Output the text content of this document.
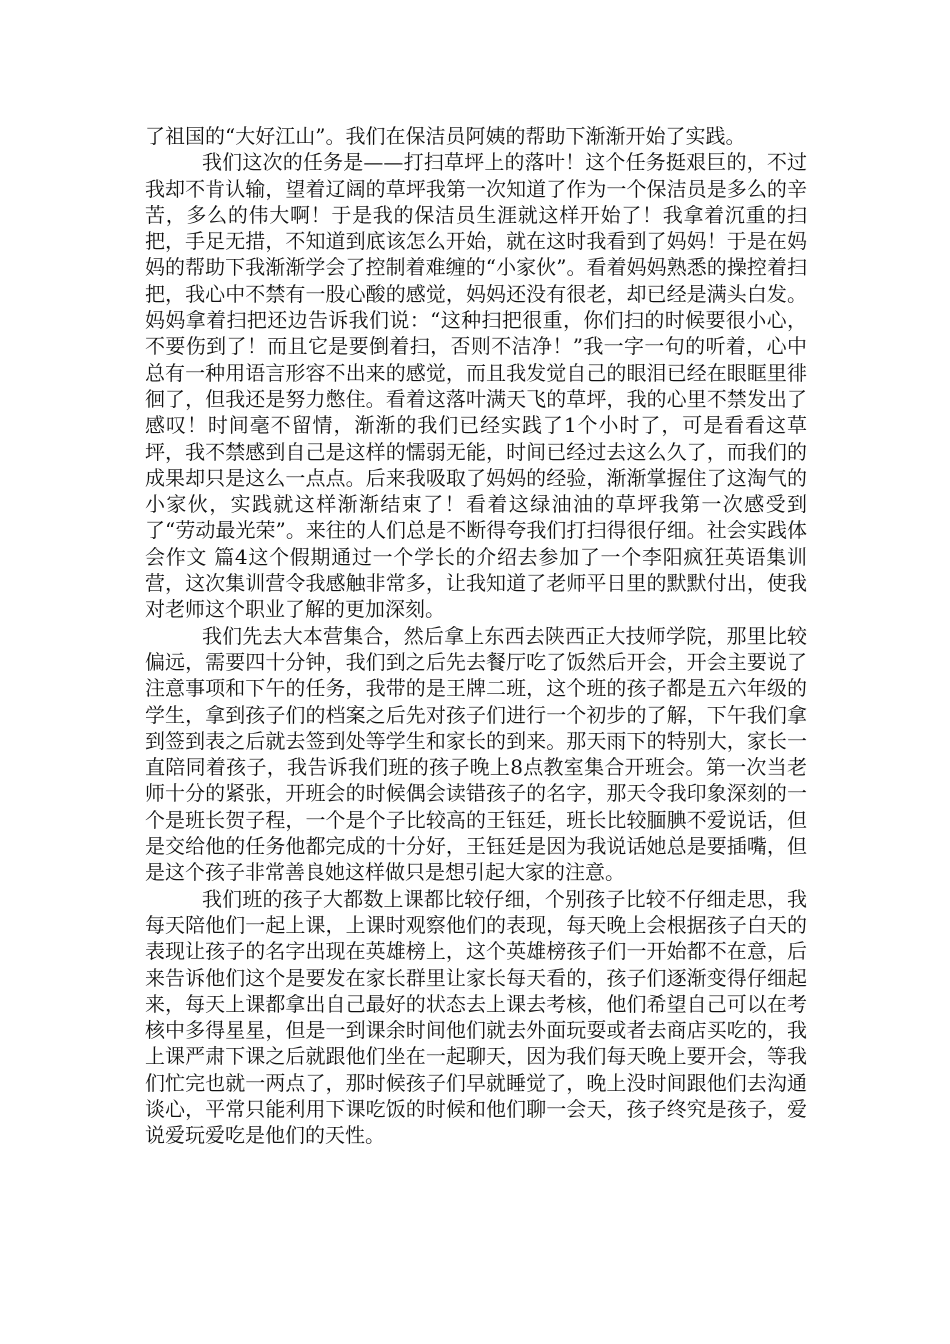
了祖国的“大好江山”。我们在保洁员阿姨的帮助下渐渐开始了实践。

我们这次的任务是——打扫草坪上的落叶！这个任务挺艰巨的，不过我却不肯认输，望着辽阔的草坪我第一次知道了作为一个保洁员是多么的辛苦，多么的伟大啊！于是我的保洁员生涯就这样开始了！我拿着沉重的扫把，手足无措，不知道到底该怎么开始，就在这时我看到了妈妈！于是在妈妈的帮助下我渐渐学会了控制着难缠的“小家伙”。看着妈妈熟悉的操控着扫把，我心中不禁有一股心酸的感觉，妈妈还没有很老，却已经是满头白发。妈妈拿着扫把还边告诉我们说：“这种扫把很重，你们扫的时候要很小心，不要伤到了！而且它是要倒着扫，否则不洁净！”我一字一句的听着，心中总有一种用语言形容不出来的感觉，而且我发觉自己的眼泪已经在眼眶里徘徊了，但我还是努力憋住。看着这落叶满天飞的草坪，我的心里不禁发出了感叹！时间毫不留情，渐渐的我们已经实践了1个小时了，可是看看这草坪，我不禁感到自己是这样的懦弱无能，时间已经过去这么久了，而我们的成果却只是这么一点点。后来我吸取了妈妈的经验，渐渐掌握住了这淘气的小家伙，实践就这样渐渐结束了！看着这绿油油的草坪我第一次感受到了“劳动最光荣”。来往的人们总是不断得夸我们打扫得很仔细。社会实践体会作文 篇4这个假期通过一个学长的介绍去参加了一个李阳疯狂英语集训营，这次集训营令我感触非常多，让我知道了老师平日里的默默付出，使我对老师这个职业了解的更加深刻。

我们先去大本营集合，然后拿上东西去陕西正大技师学院，那里比较偏远，需要四十分钟，我们到之后先去餐厅吃了饭然后开会，开会主要说了注意事项和下午的任务，我带的是王牌二班，这个班的孩子都是五六年级的学生，拿到孩子们的档案之后先对孩子们进行一个初步的了解，下午我们拿到签到表之后就去签到处等学生和家长的到来。那天雨下的特别大，家长一直陪同着孩子，我告诉我们班的孩子晚上8点教室集合开班会。第一次当老师十分的紧张，开班会的时候偶会读错孩子的名字，那天令我印象深刻的一个是班长贺子程，一个是个子比较高的王钰廷，班长比较腼腆不爱说话，但是交给他的任务他都完成的十分好，王钰廷是因为我说话她总是要插嘴，但是这个孩子非常善良她这样做只是想引起大家的注意。

我们班的孩子大都数上课都比较仔细，个别孩子比较不仔细走思，我每天陪他们一起上课，上课时观察他们的表现，每天晚上会根据孩子白天的表现让孩子的名字出现在英雄榜上，这个英雄榜孩子们一开始都不在意，后来告诉他们这个是要发在家长群里让家长每天看的，孩子们逐渐变得仔细起来，每天上课都拿出自己最好的状态去上课去考核，他们希望自己可以在考核中多得星星，但是一到课余时间他们就去外面玩耍或者去商店买吃的，我上课严肃下课之后就跟他们坐在一起聊天，因为我们每天晚上要开会，等我们忙完也就一两点了，那时候孩子们早就睡觉了，晚上没时间跟他们去沟通谈心，平常只能利用下课吃饭的时候和他们聊一会天，孩子终究是孩子，爱说爱玩爱吃是他们的天性。
